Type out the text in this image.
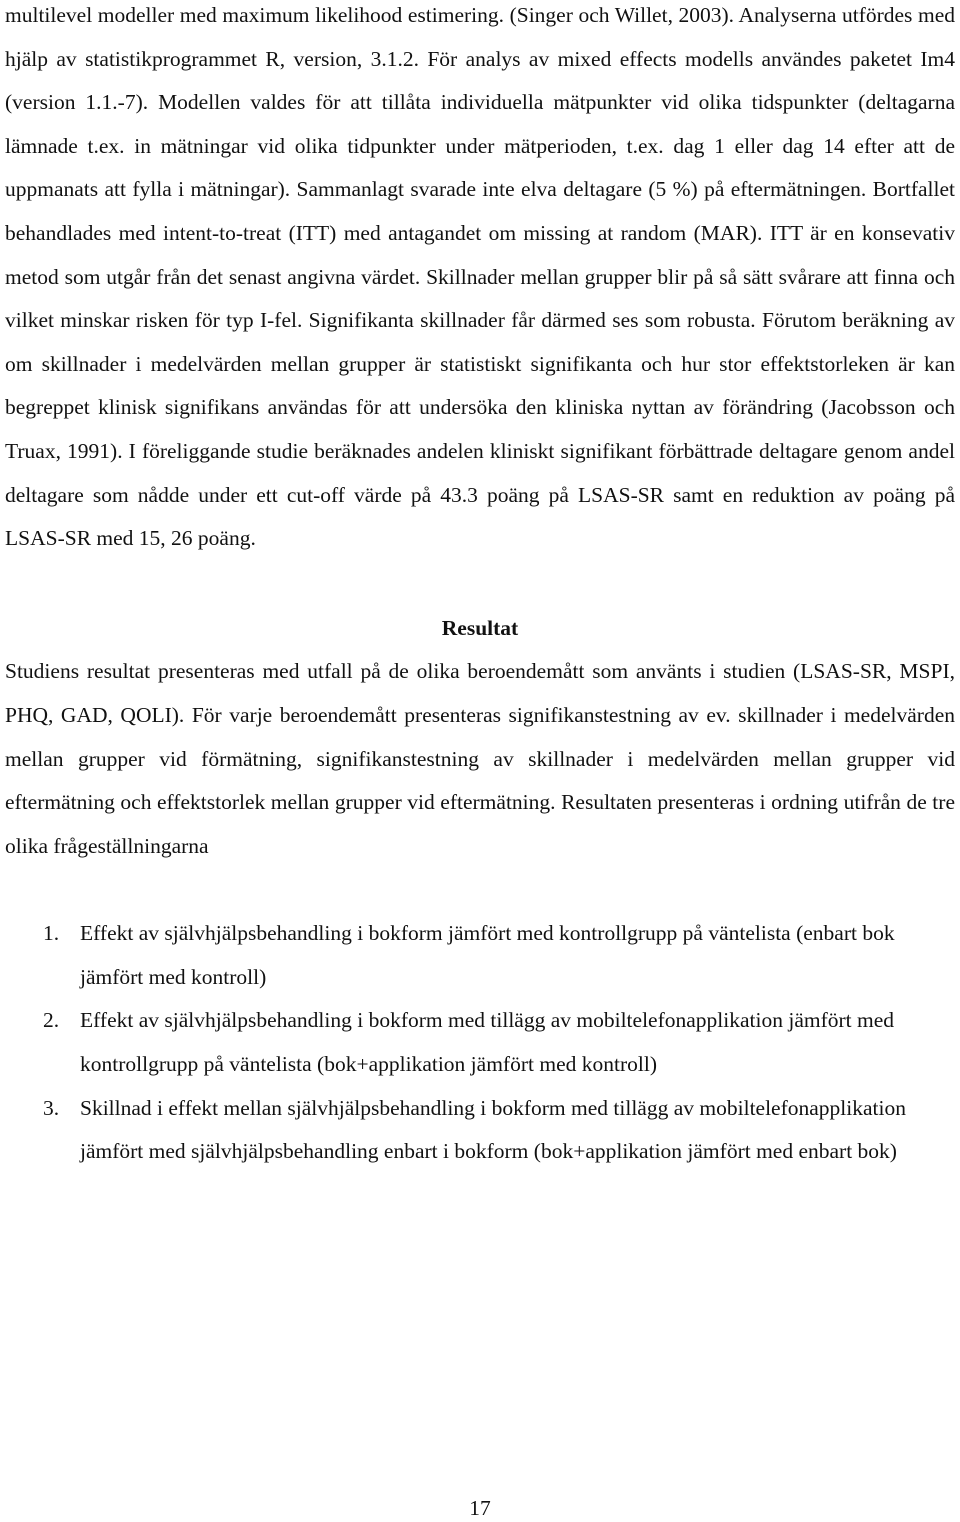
multilevel modeller med maximum likelihood estimering. (Singer och Willet, 2003). Analyserna utfördes med hjälp av statistikprogrammet R, version, 3.1.2. För analys av mixed effects modells användes paketet Im4 (version 1.1.-7). Modellen valdes för att tillåta individuella mätpunkter vid olika tidspunkter (deltagarna lämnade t.ex. in mätningar vid olika tidpunkter under mätperioden, t.ex. dag 1 eller dag 14 efter att de uppmanats att fylla i mätningar). Sammanlagt svarade inte elva deltagare (5 %) på eftermätningen. Bortfallet behandlades med intent-to-treat (ITT) med antagandet om missing at random (MAR). ITT är en konsevativ metod som utgår från det senast angivna värdet. Skillnader mellan grupper blir på så sätt svårare att finna och vilket minskar risken för typ I-fel. Signifikanta skillnader får därmed ses som robusta. Förutom beräkning av om skillnader i medelvärden mellan grupper är statistiskt signifikanta och hur stor effektstorleken är kan begreppet klinisk signifikans användas för att undersöka den kliniska nyttan av förändring (Jacobsson och Truax, 1991). I föreliggande studie beräknades andelen kliniskt signifikant förbättrade deltagare genom andel deltagare som nådde under ett cut-off värde på 43.3 poäng på LSAS-SR samt en reduktion av poäng på LSAS-SR med 15, 26 poäng.

Resultat

Studiens resultat presenteras med utfall på de olika beroendemått som använts i studien (LSAS-SR, MSPI, PHQ, GAD, QOLI). För varje beroendemått presenteras signifikanstestning av ev. skillnader i medelvärden mellan grupper vid förmätning, signifikanstestning av skillnader i medelvärden mellan grupper vid eftermätning och effektstorlek mellan grupper vid eftermätning. Resultaten presenteras i ordning utifrån de tre olika frågeställningarna

1. Effekt av självhjälpsbehandling i bokform jämfört med kontrollgrupp på väntelista (enbart bok jämfört med kontroll)
2. Effekt av självhjälpsbehandling i bokform med tillägg av mobiltelefonapplikation jämfört med kontrollgrupp på väntelista (bok+applikation jämfört med kontroll)
3. Skillnad i effekt mellan självhjälpsbehandling i bokform med tillägg av mobiltelefonapplikation jämfört med självhjälpsbehandling enbart i bokform (bok+applikation jämfört med enbart bok)
17
